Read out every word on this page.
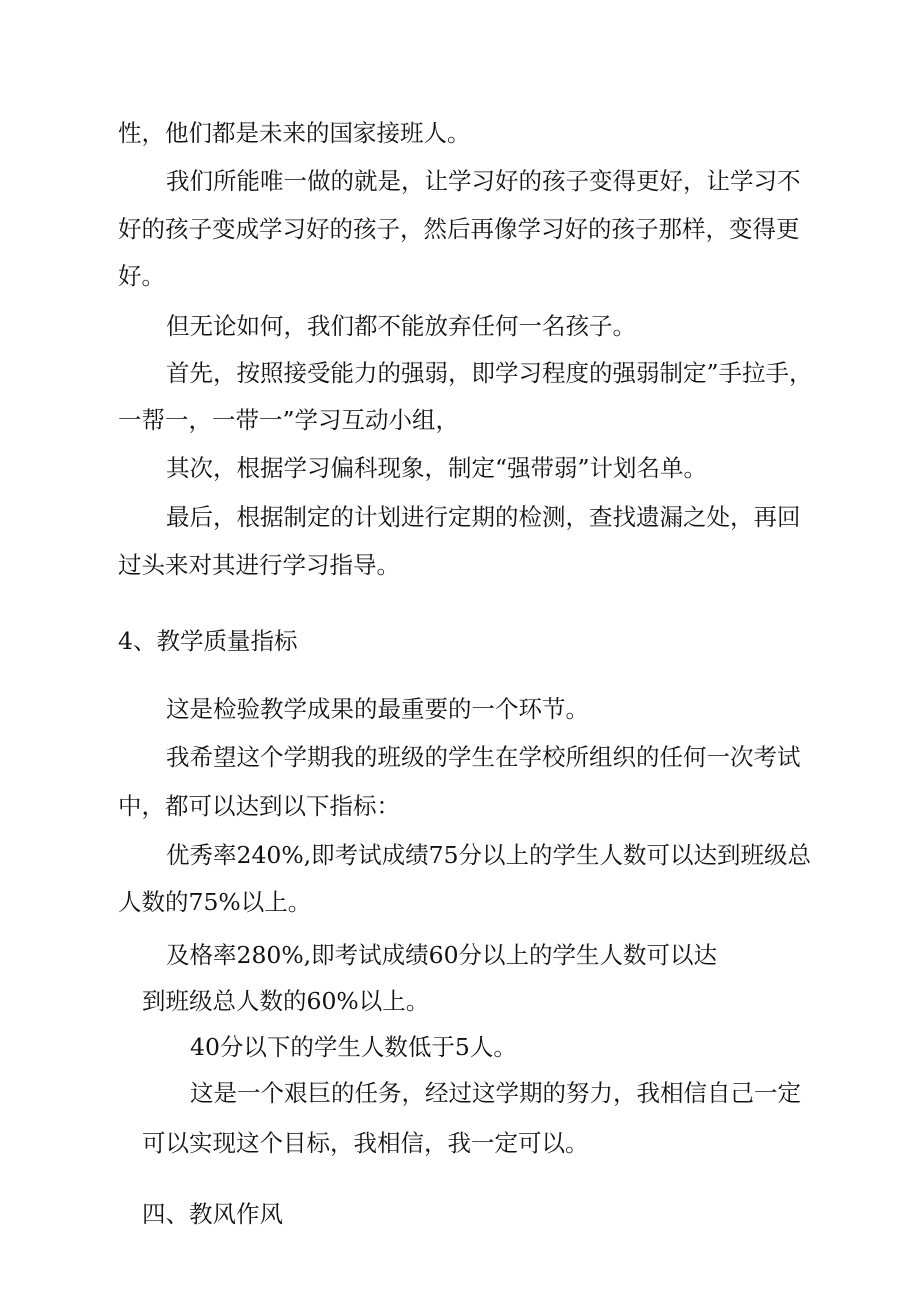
性，他们都是未来的国家接班人。
我们所能唯一做的就是，让学习好的孩子变得更好，让学习不
好的孩子变成学习好的孩子，然后再像学习好的孩子那样，变得更
好。
但无论如何，我们都不能放弃任何一名孩子。
首先，按照接受能力的强弱，即学习程度的强弱制定”手拉手，
一帮一，一带一”学习互动小组，
其次，根据学习偏科现象，制定“强带弱”计划名单。
最后，根据制定的计划进行定期的检测，查找遗漏之处，再回
过头来对其进行学习指导。
4、教学质量指标
这是检验教学成果的最重要的一个环节。
我希望这个学期我的班级的学生在学校所组织的任何一次考试
中，都可以达到以下指标：
优秀率240%,即考试成绩75分以上的学生人数可以达到班级总
人数的75%以上。
及格率280%,即考试成绩60分以上的学生人数可以达
到班级总人数的60%以上。
40分以下的学生人数低于5人。
这是一个艰巨的任务，经过这学期的努力，我相信自己一定
可以实现这个目标，我相信，我一定可以。
四、教风作风
